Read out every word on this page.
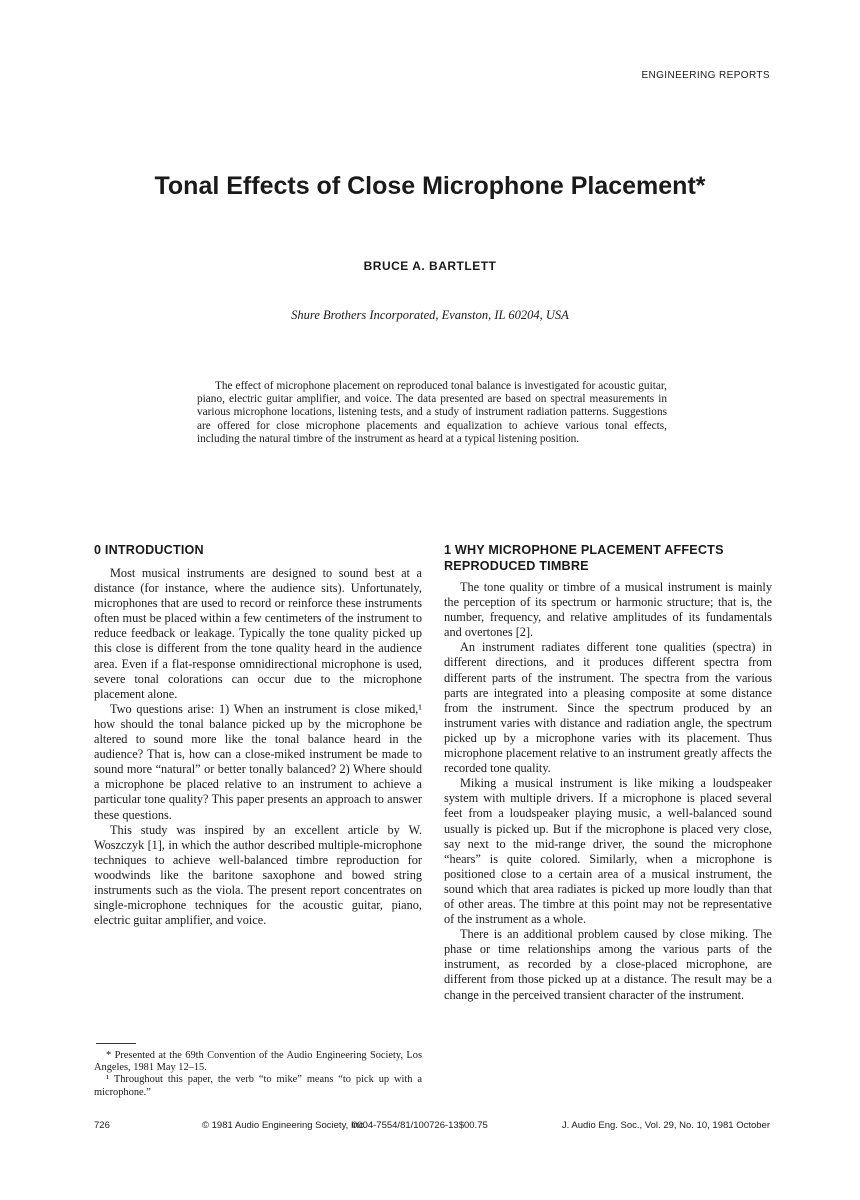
ENGINEERING REPORTS
Tonal Effects of Close Microphone Placement*
BRUCE A. BARTLETT
Shure Brothers Incorporated, Evanston, IL 60204, USA

The effect of microphone placement on reproduced tonal balance is investigated for acoustic guitar, piano, electric guitar amplifier, and voice. The data presented are based on spectral measurements in various microphone locations, listening tests, and a study of instrument radiation patterns. Suggestions are offered for close microphone placements and equalization to achieve various tonal effects, including the natural timbre of the instrument as heard at a typical listening position.

0 INTRODUCTION

Most musical instruments are designed to sound best at a distance (for instance, where the audience sits). Unfortunately, microphones that are used to record or reinforce these instruments often must be placed within a few centimeters of the instrument to reduce feedback or leakage. Typically the tone quality picked up this close is different from the tone quality heard in the audience area. Even if a flat-response omnidirectional microphone is used, severe tonal colorations can occur due to the microphone placement alone.

Two questions arise: 1) When an instrument is close miked,¹ how should the tonal balance picked up by the microphone be altered to sound more like the tonal balance heard in the audience? That is, how can a close-miked instrument be made to sound more “natural” or better tonally balanced? 2) Where should a microphone be placed relative to an instrument to achieve a particular tone quality? This paper presents an approach to answer these questions.

This study was inspired by an excellent article by W. Woszczyk [1], in which the author described multiple-microphone techniques to achieve well-balanced timbre reproduction for woodwinds like the baritone saxophone and bowed string instruments such as the viola. The present report concentrates on single-microphone techniques for the acoustic guitar, piano, electric guitar amplifier, and voice.

* Presented at the 69th Convention of the Audio Engineering Society, Los Angeles, 1981 May 12–15.

¹ Throughout this paper, the verb “to mike” means “to pick up with a microphone.”

1 WHY MICROPHONE PLACEMENT AFFECTS REPRODUCED TIMBRE

The tone quality or timbre of a musical instrument is mainly the perception of its spectrum or harmonic structure; that is, the number, frequency, and relative amplitudes of its fundamentals and overtones [2].

An instrument radiates different tone qualities (spectra) in different directions, and it produces different spectra from different parts of the instrument. The spectra from the various parts are integrated into a pleasing composite at some distance from the instrument. Since the spectrum produced by an instrument varies with distance and radiation angle, the spectrum picked up by a microphone varies with its placement. Thus microphone placement relative to an instrument greatly affects the recorded tone quality.

Miking a musical instrument is like miking a loudspeaker system with multiple drivers. If a microphone is placed several feet from a loudspeaker playing music, a well-balanced sound usually is picked up. But if the microphone is placed very close, say next to the mid-range driver, the sound the microphone “hears” is quite colored. Similarly, when a microphone is positioned close to a certain area of a musical instrument, the sound which that area radiates is picked up more loudly than that of other areas. The timbre at this point may not be representative of the instrument as a whole.

There is an additional problem caused by close miking. The phase or time relationships among the various parts of the instrument, as recorded by a close-placed microphone, are different from those picked up at a distance. The result may be a change in the perceived transient character of the instrument.

726	© 1981 Audio Engineering Society, Inc.
0004-7554/81/100726-13$00.75	J. Audio Eng. Soc., Vol. 29, No. 10, 1981 October
